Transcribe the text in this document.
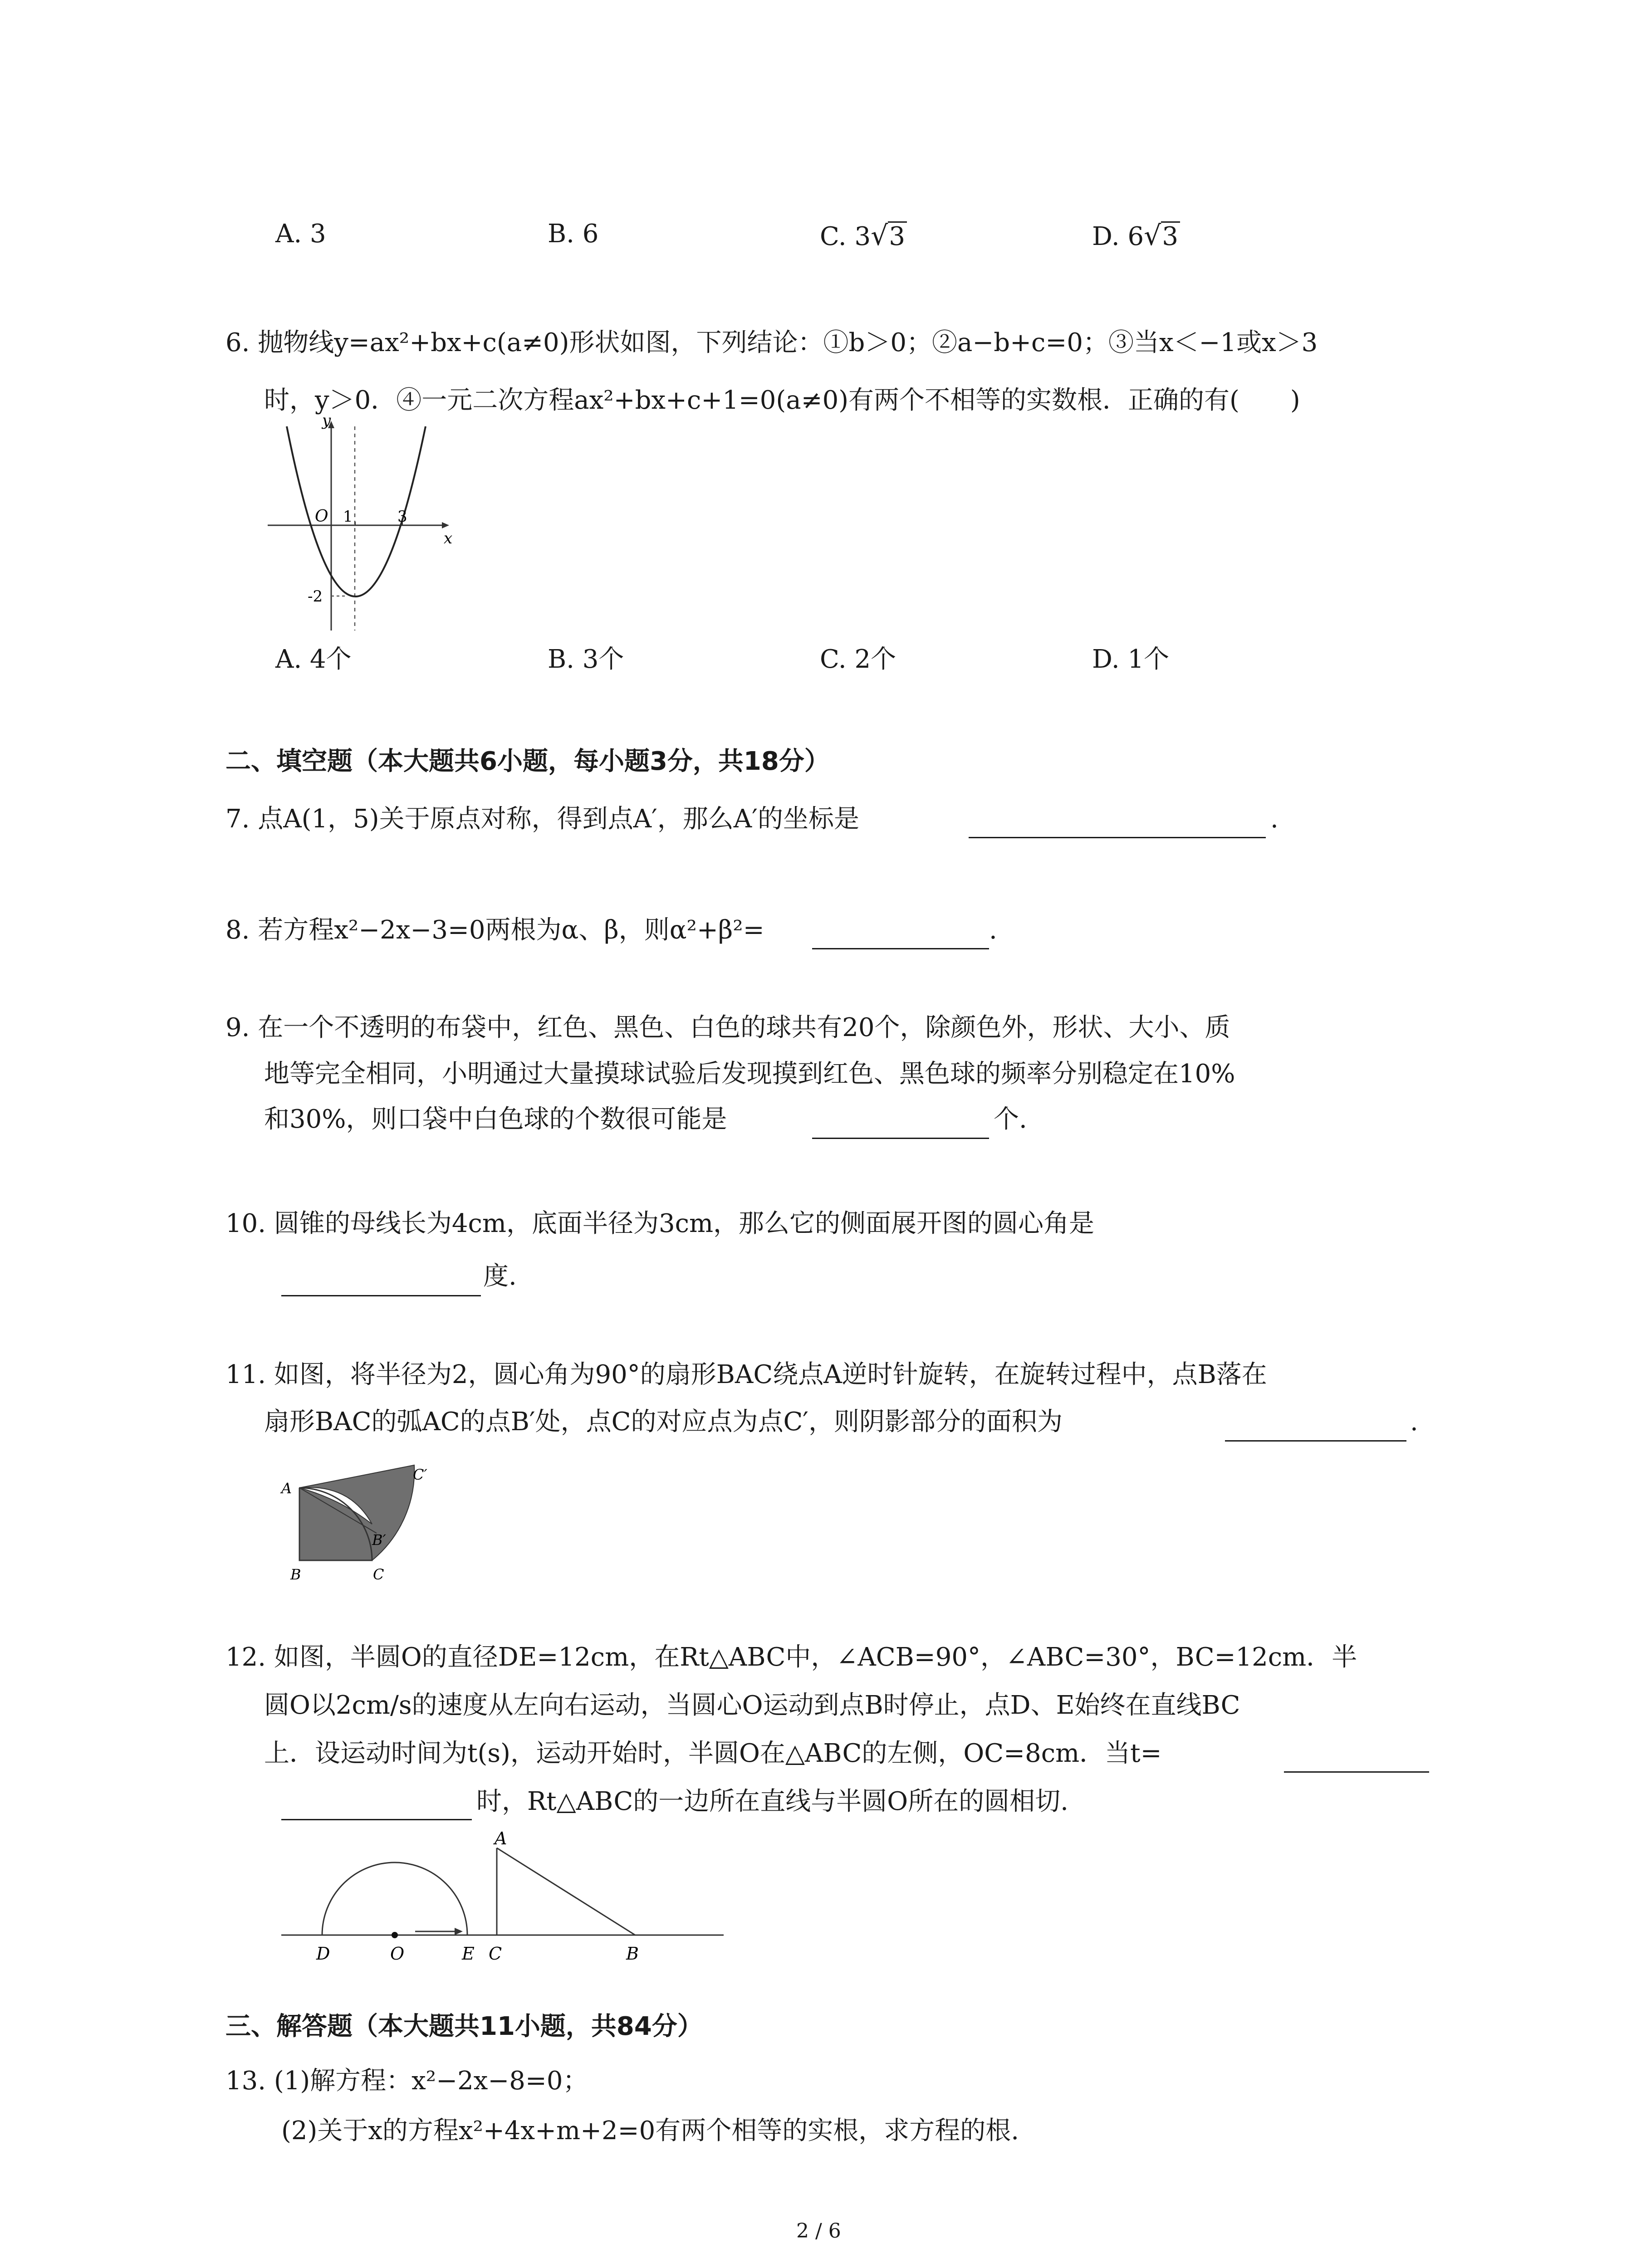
A. 3	B. 6	C. 3√3	D. 6√3
6. 抛物线y=ax²+bx+c(a≠0)形状如图，下列结论：①b＞0；②a−b+c=0；③当x＜−1或x＞3
时，y＞0．④一元二次方程ax²+bx+c+1=0(a≠0)有两个不相等的实数根．正确的有(　　)
y
x
O 1	3
-2
A. 4个	B. 3个	C. 2个	D. 1个
二、填空题（本大题共6小题，每小题3分，共18分）
7. 点A(1，5)关于原点对称，得到点A′，那么A′的坐标是	.
8. 若方程x²−2x−3=0两根为α、β，则α²+β²=	.
9. 在一个不透明的布袋中，红色、黑色、白色的球共有20个，除颜色外，形状、大小、质
地等完全相同，小明通过大量摸球试验后发现摸到红色、黑色球的频率分别稳定在10%
和30%，则口袋中白色球的个数很可能是	个.
10. 圆锥的母线长为4cm，底面半径为3cm，那么它的侧面展开图的圆心角是
度.
11. 如图，将半径为2，圆心角为90°的扇形BAC绕点A逆时针旋转，在旋转过程中，点B落在
扇形BAC的弧AC的点B′处，点C的对应点为点C′，则阴影部分的面积为	.
A
B	C
B′
C′
12. 如图，半圆O的直径DE=12cm，在Rt△ABC中，∠ACB=90°，∠ABC=30°，BC=12cm．半
圆O以2cm/s的速度从左向右运动，当圆心O运动到点B时停止，点D、E始终在直线BC
上．设运动时间为t(s)，运动开始时，半圆O在△ABC的左侧，OC=8cm．当t=
时，Rt△ABC的一边所在直线与半圆O所在的圆相切.
A
D	O	E C	B
三、解答题（本大题共11小题，共84分）
13. (1)解方程：x²−2x−8=0；
(2)关于x的方程x²+4x+m+2=0有两个相等的实根，求方程的根.
2 / 6
